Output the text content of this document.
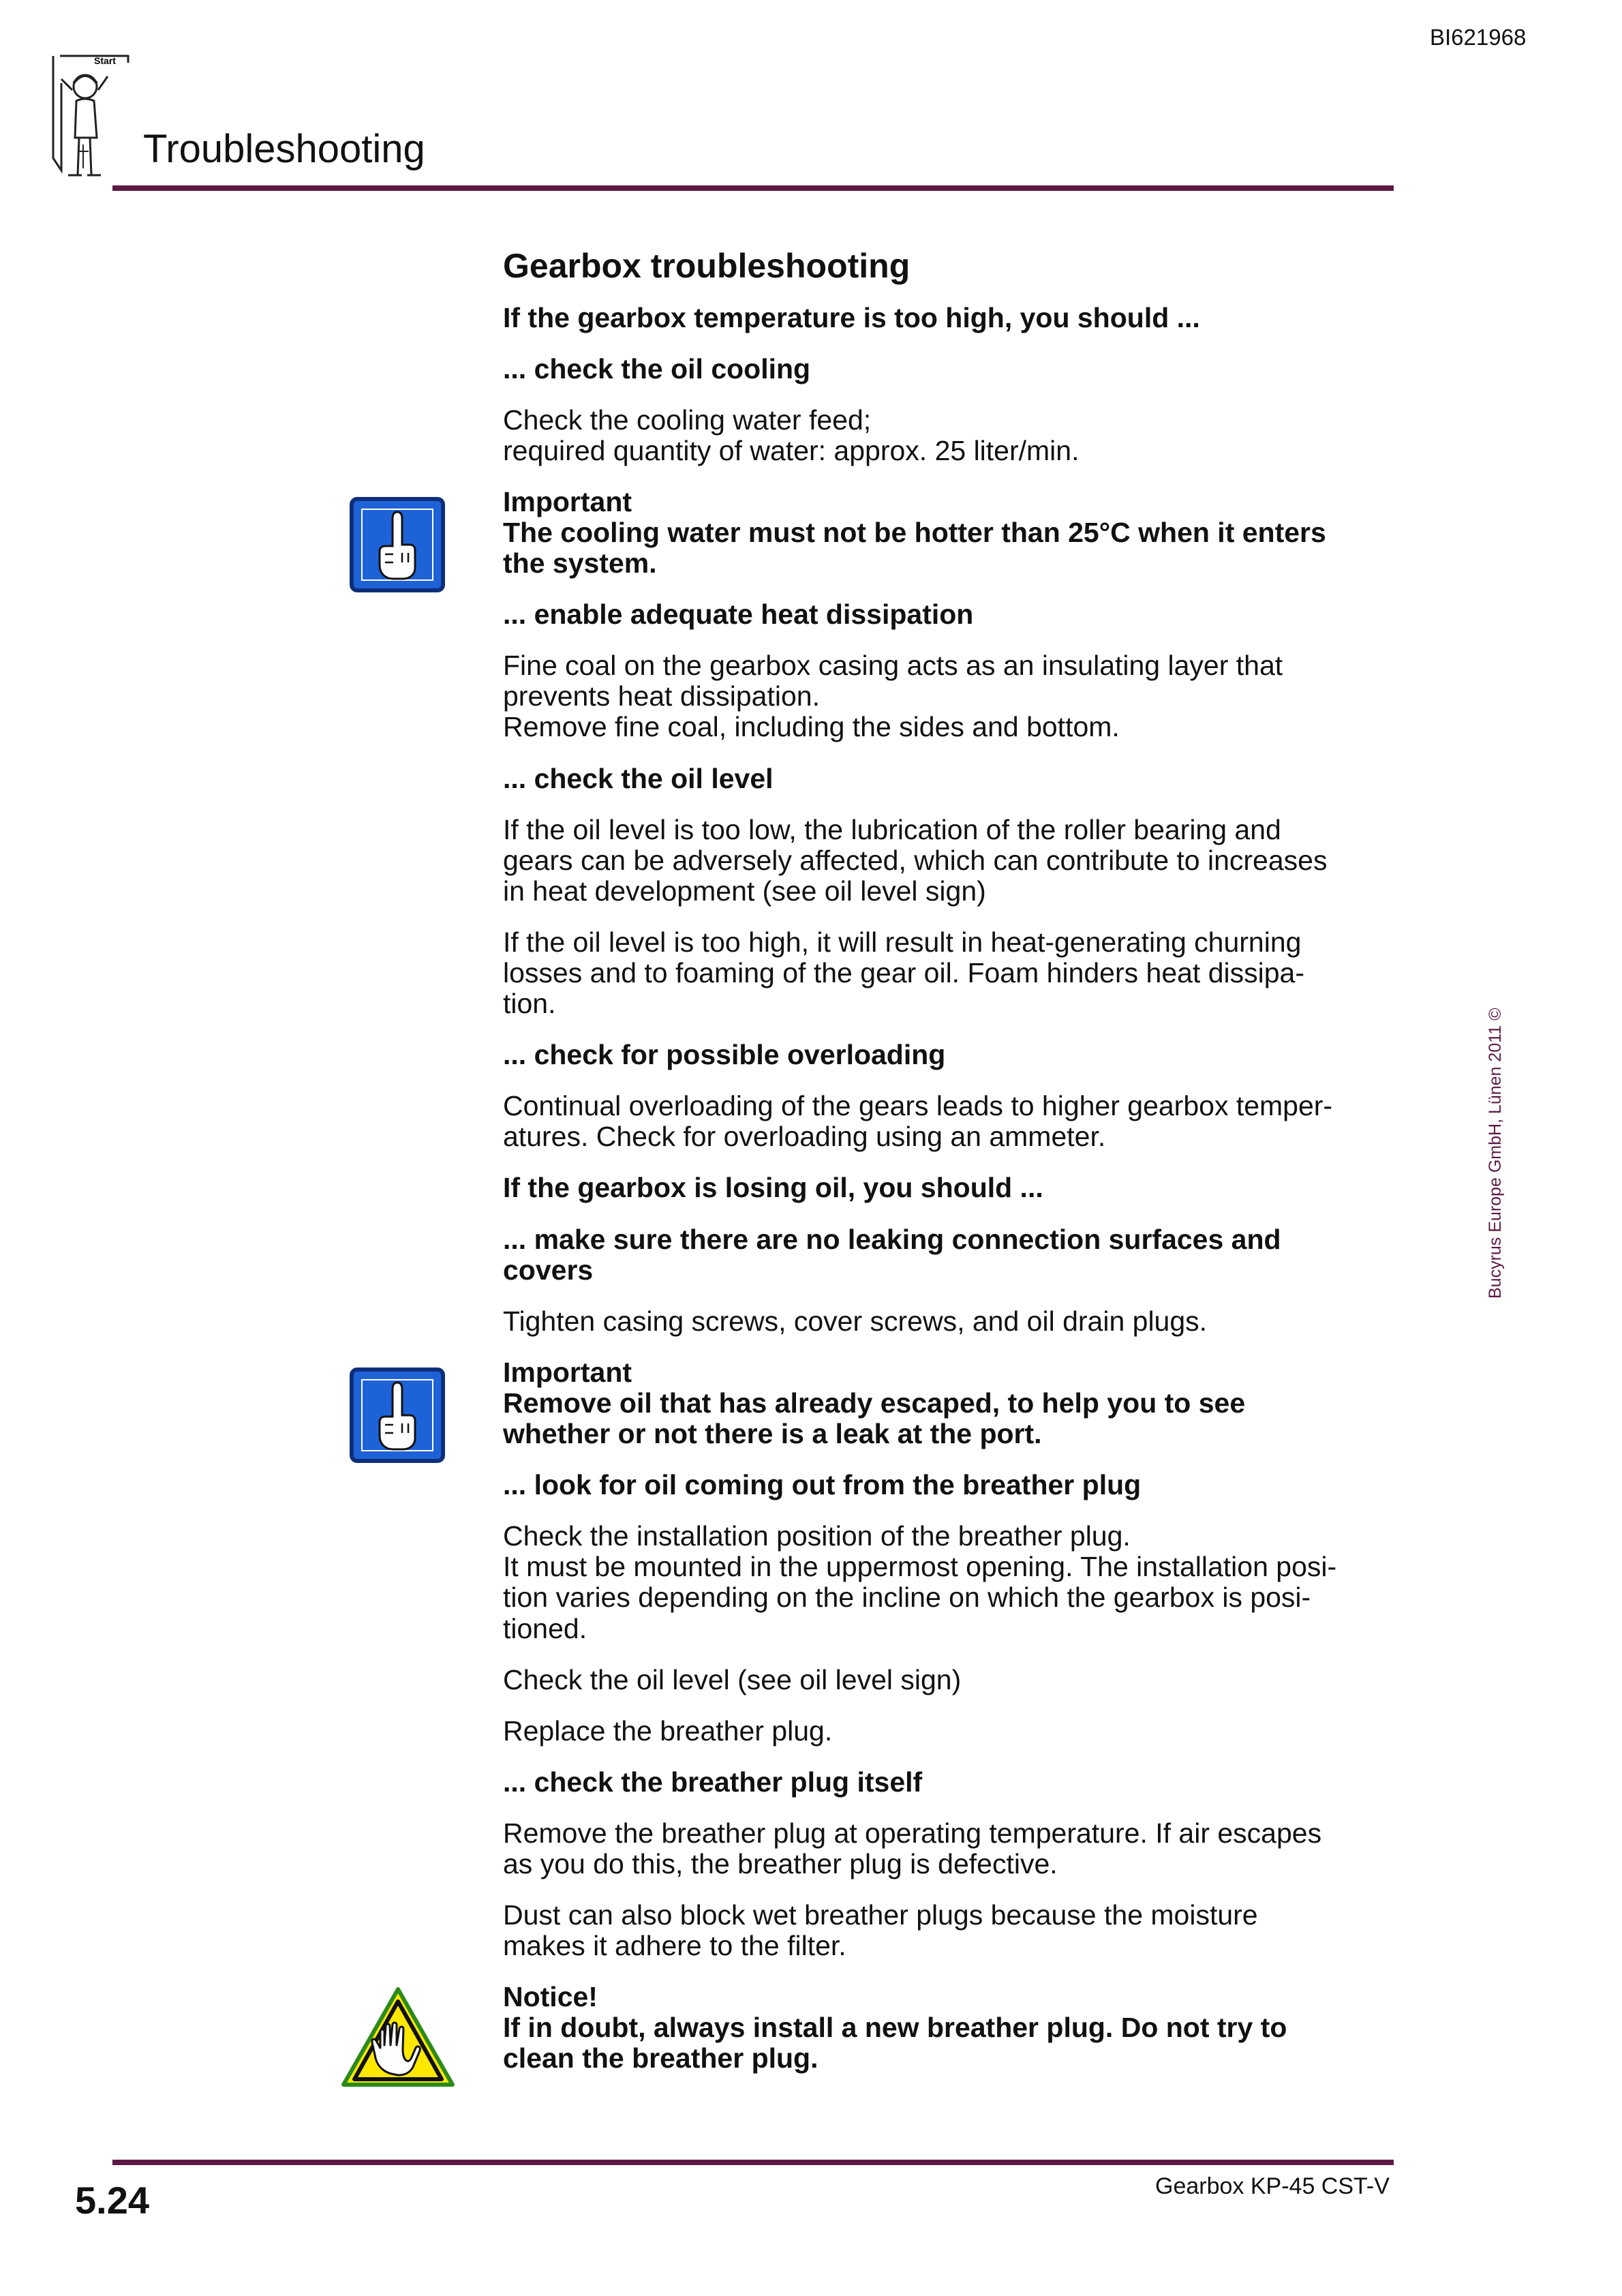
BI621968
Start
Troubleshooting
Gearbox troubleshooting
If the gearbox temperature is too high, you should ...
... check the oil cooling
Check the cooling water feed;
required quantity of water: approx. 25 liter/min.
Important
The cooling water must not be hotter than 25°C when it enters
the system.
... enable adequate heat dissipation
Fine coal on the gearbox casing acts as an insulating layer that
prevents heat dissipation.
Remove fine coal, including the sides and bottom.
... check the oil level
If the oil level is too low, the lubrication of the roller bearing and
gears can be adversely affected, which can contribute to increases
in heat development (see oil level sign)
If the oil level is too high, it will result in heat-generating churning
losses and to foaming of the gear oil. Foam hinders heat dissipa-
tion.
... check for possible overloading
Continual overloading of the gears leads to higher gearbox temper-
atures. Check for overloading using an ammeter.
If the gearbox is losing oil, you should ...
... make sure there are no leaking connection surfaces and
covers
Tighten casing screws, cover screws, and oil drain plugs.
Important
Remove oil that has already escaped, to help you to see
whether or not there is a leak at the port.
... look for oil coming out from the breather plug
Check the installation position of the breather plug.
It must be mounted in the uppermost opening. The installation posi-
tion varies depending on the incline on which the gearbox is posi-
tioned.
Check the oil level (see oil level sign)
Replace the breather plug.
... check the breather plug itself
Remove the breather plug at operating temperature. If air escapes
as you do this, the breather plug is defective.
Dust can also block wet breather plugs because the moisture
makes it adhere to the filter.
Notice!
If in doubt, always install a new breather plug. Do not try to
clean the breather plug.
5.24	Gearbox KP-45 CST-V
Bucyrus Europe GmbH, Lünen 2011 ©
